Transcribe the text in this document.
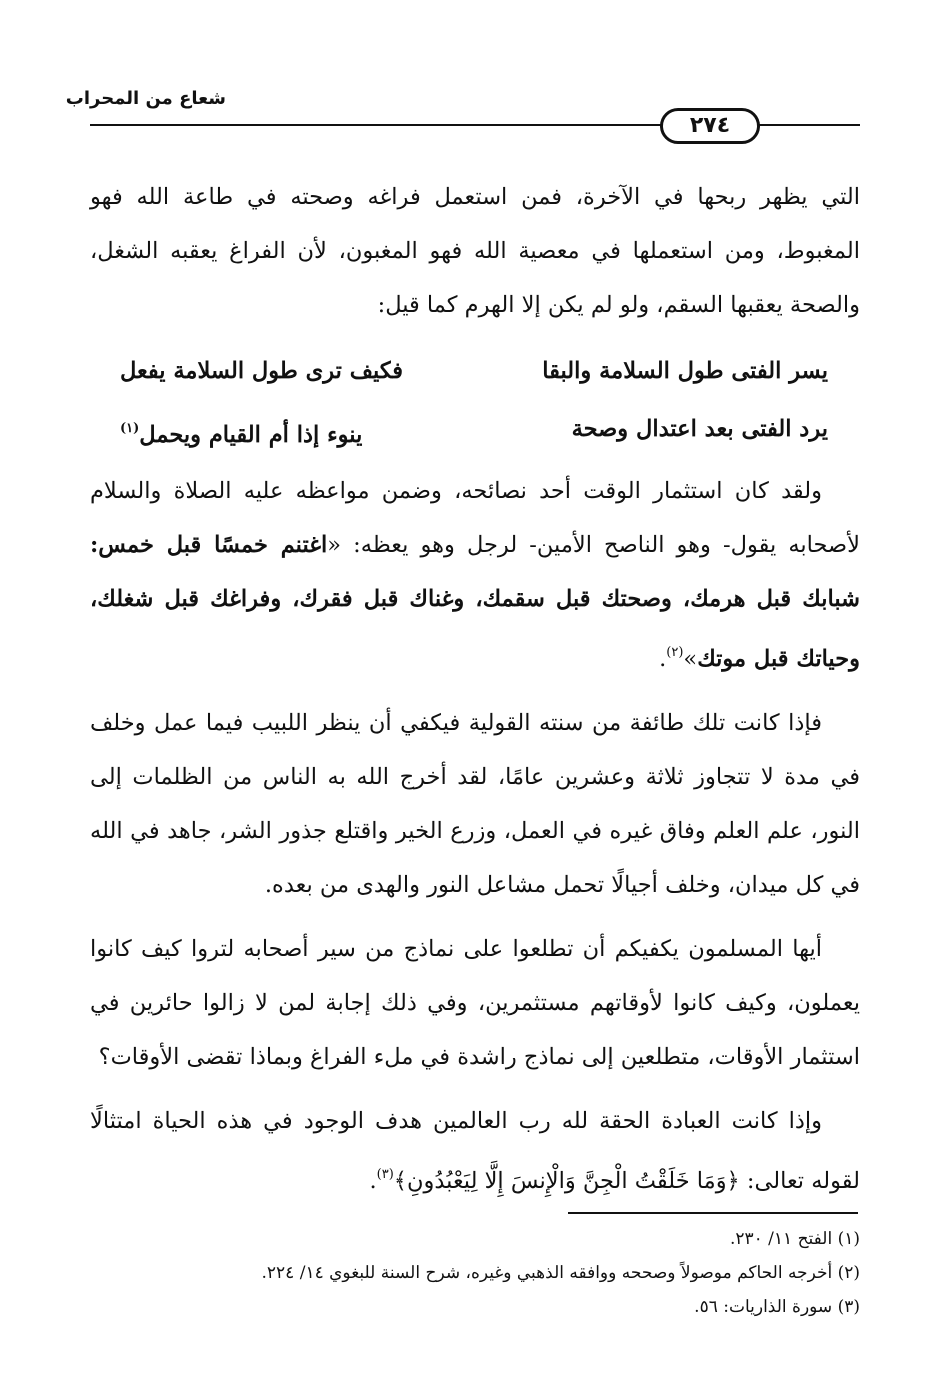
شعاع من المحراب
٢٧٤

التي يظهر ربحها في الآخرة، فمن استعمل فراغه وصحته في طاعة الله فهو المغبوط، ومن استعملها في معصية الله فهو المغبون، لأن الفراغ يعقبه الشغل، والصحة يعقبها السقم، ولو لم يكن إلا الهرم كما قيل:

يسر الفتى طول السلامة والبقا
فكيف ترى طول السلامة يفعل
يرد الفتى بعد اعتدال وصحة
ينوء إذا أم القيام ويحمل$^{(١)}$

ولقد كان استثمار الوقت أحد نصائحه، وضمن مواعظه عليه الصلاة والسلام لأصحابه يقول- وهو الناصح الأمين- لرجل وهو يعظه: «اغتنم خمسًا قبل خمس: شبابك قبل هرمك، وصحتك قبل سقمك، وغناك قبل فقرك، وفراغك قبل شغلك، وحياتك قبل موتك»$^{(٢)}$.

فإذا كانت تلك طائفة من سنته القولية فيكفي أن ينظر اللبيب فيما عمل وخلف في مدة لا تتجاوز ثلاثة وعشرين عامًا، لقد أخرج الله به الناس من الظلمات إلى النور، علم العلم وفاق غيره في العمل، وزرع الخير واقتلع جذور الشر، جاهد في الله في كل ميدان، وخلف أجيالًا تحمل مشاعل النور والهدى من بعده.

أيها المسلمون يكفيكم أن تطلعوا على نماذج من سير أصحابه لتروا كيف كانوا يعملون، وكيف كانوا لأوقاتهم مستثمرين، وفي ذلك إجابة لمن لا زالوا حائرين في استثمار الأوقات، متطلعين إلى نماذج راشدة في ملء الفراغ وبماذا تقضى الأوقات؟

وإذا كانت العبادة الحقة لله رب العالمين هدف الوجود في هذه الحياة امتثالًا لقوله تعالى: ﴿وَمَا خَلَقْتُ الْجِنَّ وَالْإِنسَ إِلَّا لِيَعْبُدُونِ﴾$^{(٣)}$.

(١) الفتح ١١/ ٢٣٠.
(٢) أخرجه الحاكم موصولاً وصححه ووافقه الذهبي وغيره، شرح السنة للبغوي ١٤/ ٢٢٤.
(٣) سورة الذاريات: ٥٦.
